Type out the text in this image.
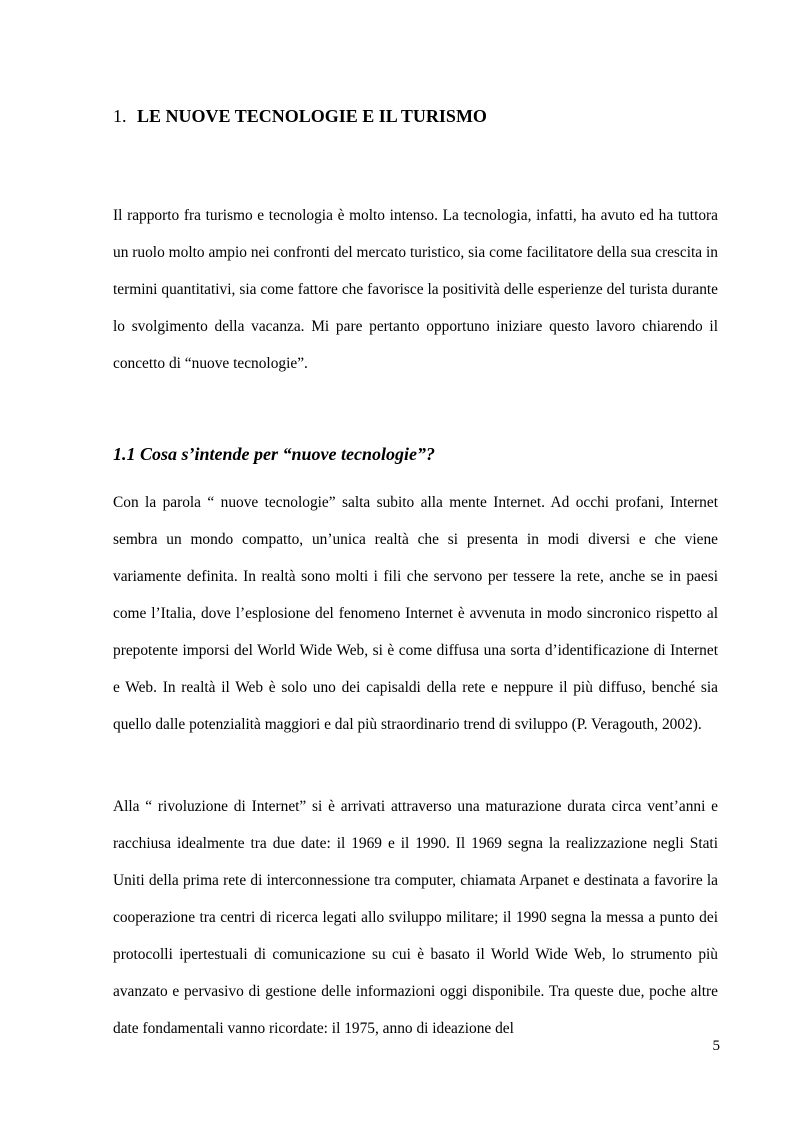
1. LE NUOVE TECNOLOGIE E IL TURISMO

Il rapporto fra turismo e tecnologia è molto intenso. La tecnologia, infatti, ha avuto ed ha tuttora un ruolo molto ampio nei confronti del mercato turistico, sia come facilitatore della sua crescita in termini quantitativi, sia come fattore che favorisce la positività delle esperienze del turista durante lo svolgimento della vacanza. Mi pare pertanto opportuno iniziare questo lavoro chiarendo il concetto di “nuove tecnologie”.

1.1 Cosa s’intende per “nuove tecnologie”?

Con la parola “ nuove tecnologie” salta subito alla mente Internet. Ad occhi profani, Internet sembra un mondo compatto, un’unica realtà che si presenta in modi diversi e che viene variamente definita. In realtà sono molti i fili che servono per tessere la rete, anche se in paesi come l’Italia, dove l’esplosione del fenomeno Internet è avvenuta in modo sincronico rispetto al prepotente imporsi del World Wide Web, si è come diffusa una sorta d’identificazione di Internet e Web. In realtà il Web è solo uno dei capisaldi della rete e neppure il più diffuso, benché sia quello dalle potenzialità maggiori e dal più straordinario trend di sviluppo (P. Veragouth, 2002).

Alla “ rivoluzione di Internet” si è arrivati attraverso una maturazione durata circa vent’anni e racchiusa idealmente tra due date: il 1969 e il 1990. Il 1969 segna la realizzazione negli Stati Uniti della prima rete di interconnessione tra computer, chiamata Arpanet e destinata a favorire la cooperazione tra centri di ricerca legati allo sviluppo militare; il 1990 segna la messa a punto dei protocolli ipertestuali di comunicazione su cui è basato il World Wide Web, lo strumento più avanzato e pervasivo di gestione delle informazioni oggi disponibile. Tra queste due, poche altre date fondamentali vanno ricordate: il 1975, anno di ideazione del

5
